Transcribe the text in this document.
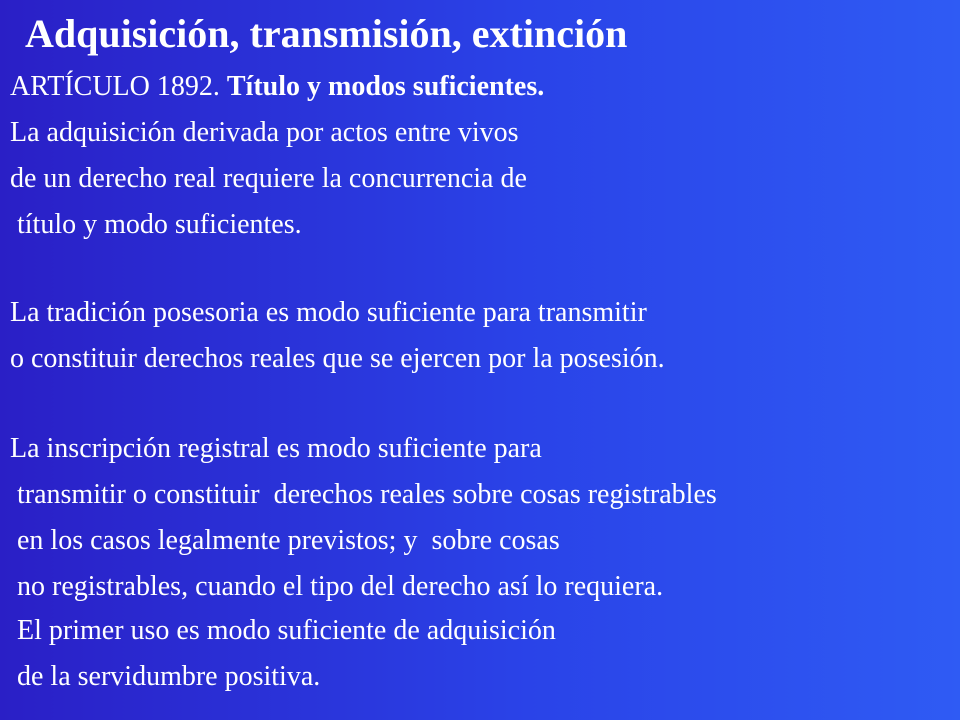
Adquisición, transmisión, extinción
ARTÍCULO 1892. Título y modos suficientes.
La adquisición derivada por actos entre vivos
de un derecho real requiere la concurrencia de
título y modo suficientes.
La tradición posesoria es modo suficiente para transmitir
o constituir derechos reales que se ejercen por la posesión.
La inscripción registral es modo suficiente para
transmitir o constituir  derechos reales sobre cosas registrables
en los casos legalmente previstos; y  sobre cosas
no registrables, cuando el tipo del derecho así lo requiera.
El primer uso es modo suficiente de adquisición
de la servidumbre positiva.
